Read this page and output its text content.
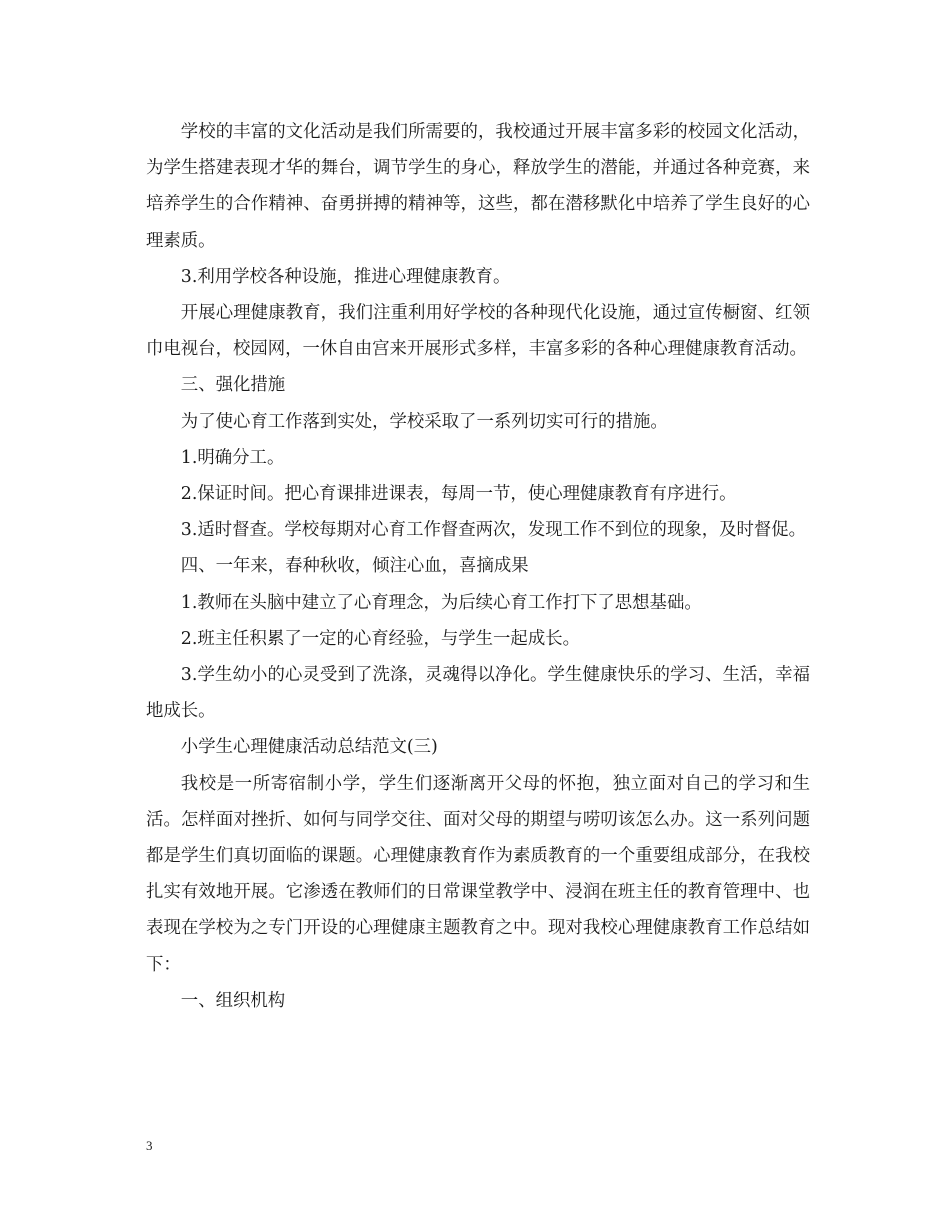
学校的丰富的文化活动是我们所需要的，我校通过开展丰富多彩的校园文化活动，为学生搭建表现才华的舞台，调节学生的身心，释放学生的潜能，并通过各种竞赛，来培养学生的合作精神、奋勇拼搏的精神等，这些，都在潜移默化中培养了学生良好的心理素质。

3.利用学校各种设施，推进心理健康教育。

开展心理健康教育，我们注重利用好学校的各种现代化设施，通过宣传橱窗、红领巾电视台，校园网，一休自由宫来开展形式多样，丰富多彩的各种心理健康教育活动。

三、强化措施

为了使心育工作落到实处，学校采取了一系列切实可行的措施。

1.明确分工。

2.保证时间。把心育课排进课表，每周一节，使心理健康教育有序进行。

3.适时督查。学校每期对心育工作督查两次，发现工作不到位的现象，及时督促。

四、一年来，春种秋收，倾注心血，喜摘成果

1.教师在头脑中建立了心育理念，为后续心育工作打下了思想基础。

2.班主任积累了一定的心育经验，与学生一起成长。

3.学生幼小的心灵受到了洗涤，灵魂得以净化。学生健康快乐的学习、生活，幸福地成长。

小学生心理健康活动总结范文(三)

我校是一所寄宿制小学，学生们逐渐离开父母的怀抱，独立面对自己的学习和生活。怎样面对挫折、如何与同学交往、面对父母的期望与唠叨该怎么办。这一系列问题都是学生们真切面临的课题。心理健康教育作为素质教育的一个重要组成部分，在我校扎实有效地开展。它渗透在教师们的日常课堂教学中、浸润在班主任的教育管理中、也表现在学校为之专门开设的心理健康主题教育之中。现对我校心理健康教育工作总结如下：

一、组织机构

3
